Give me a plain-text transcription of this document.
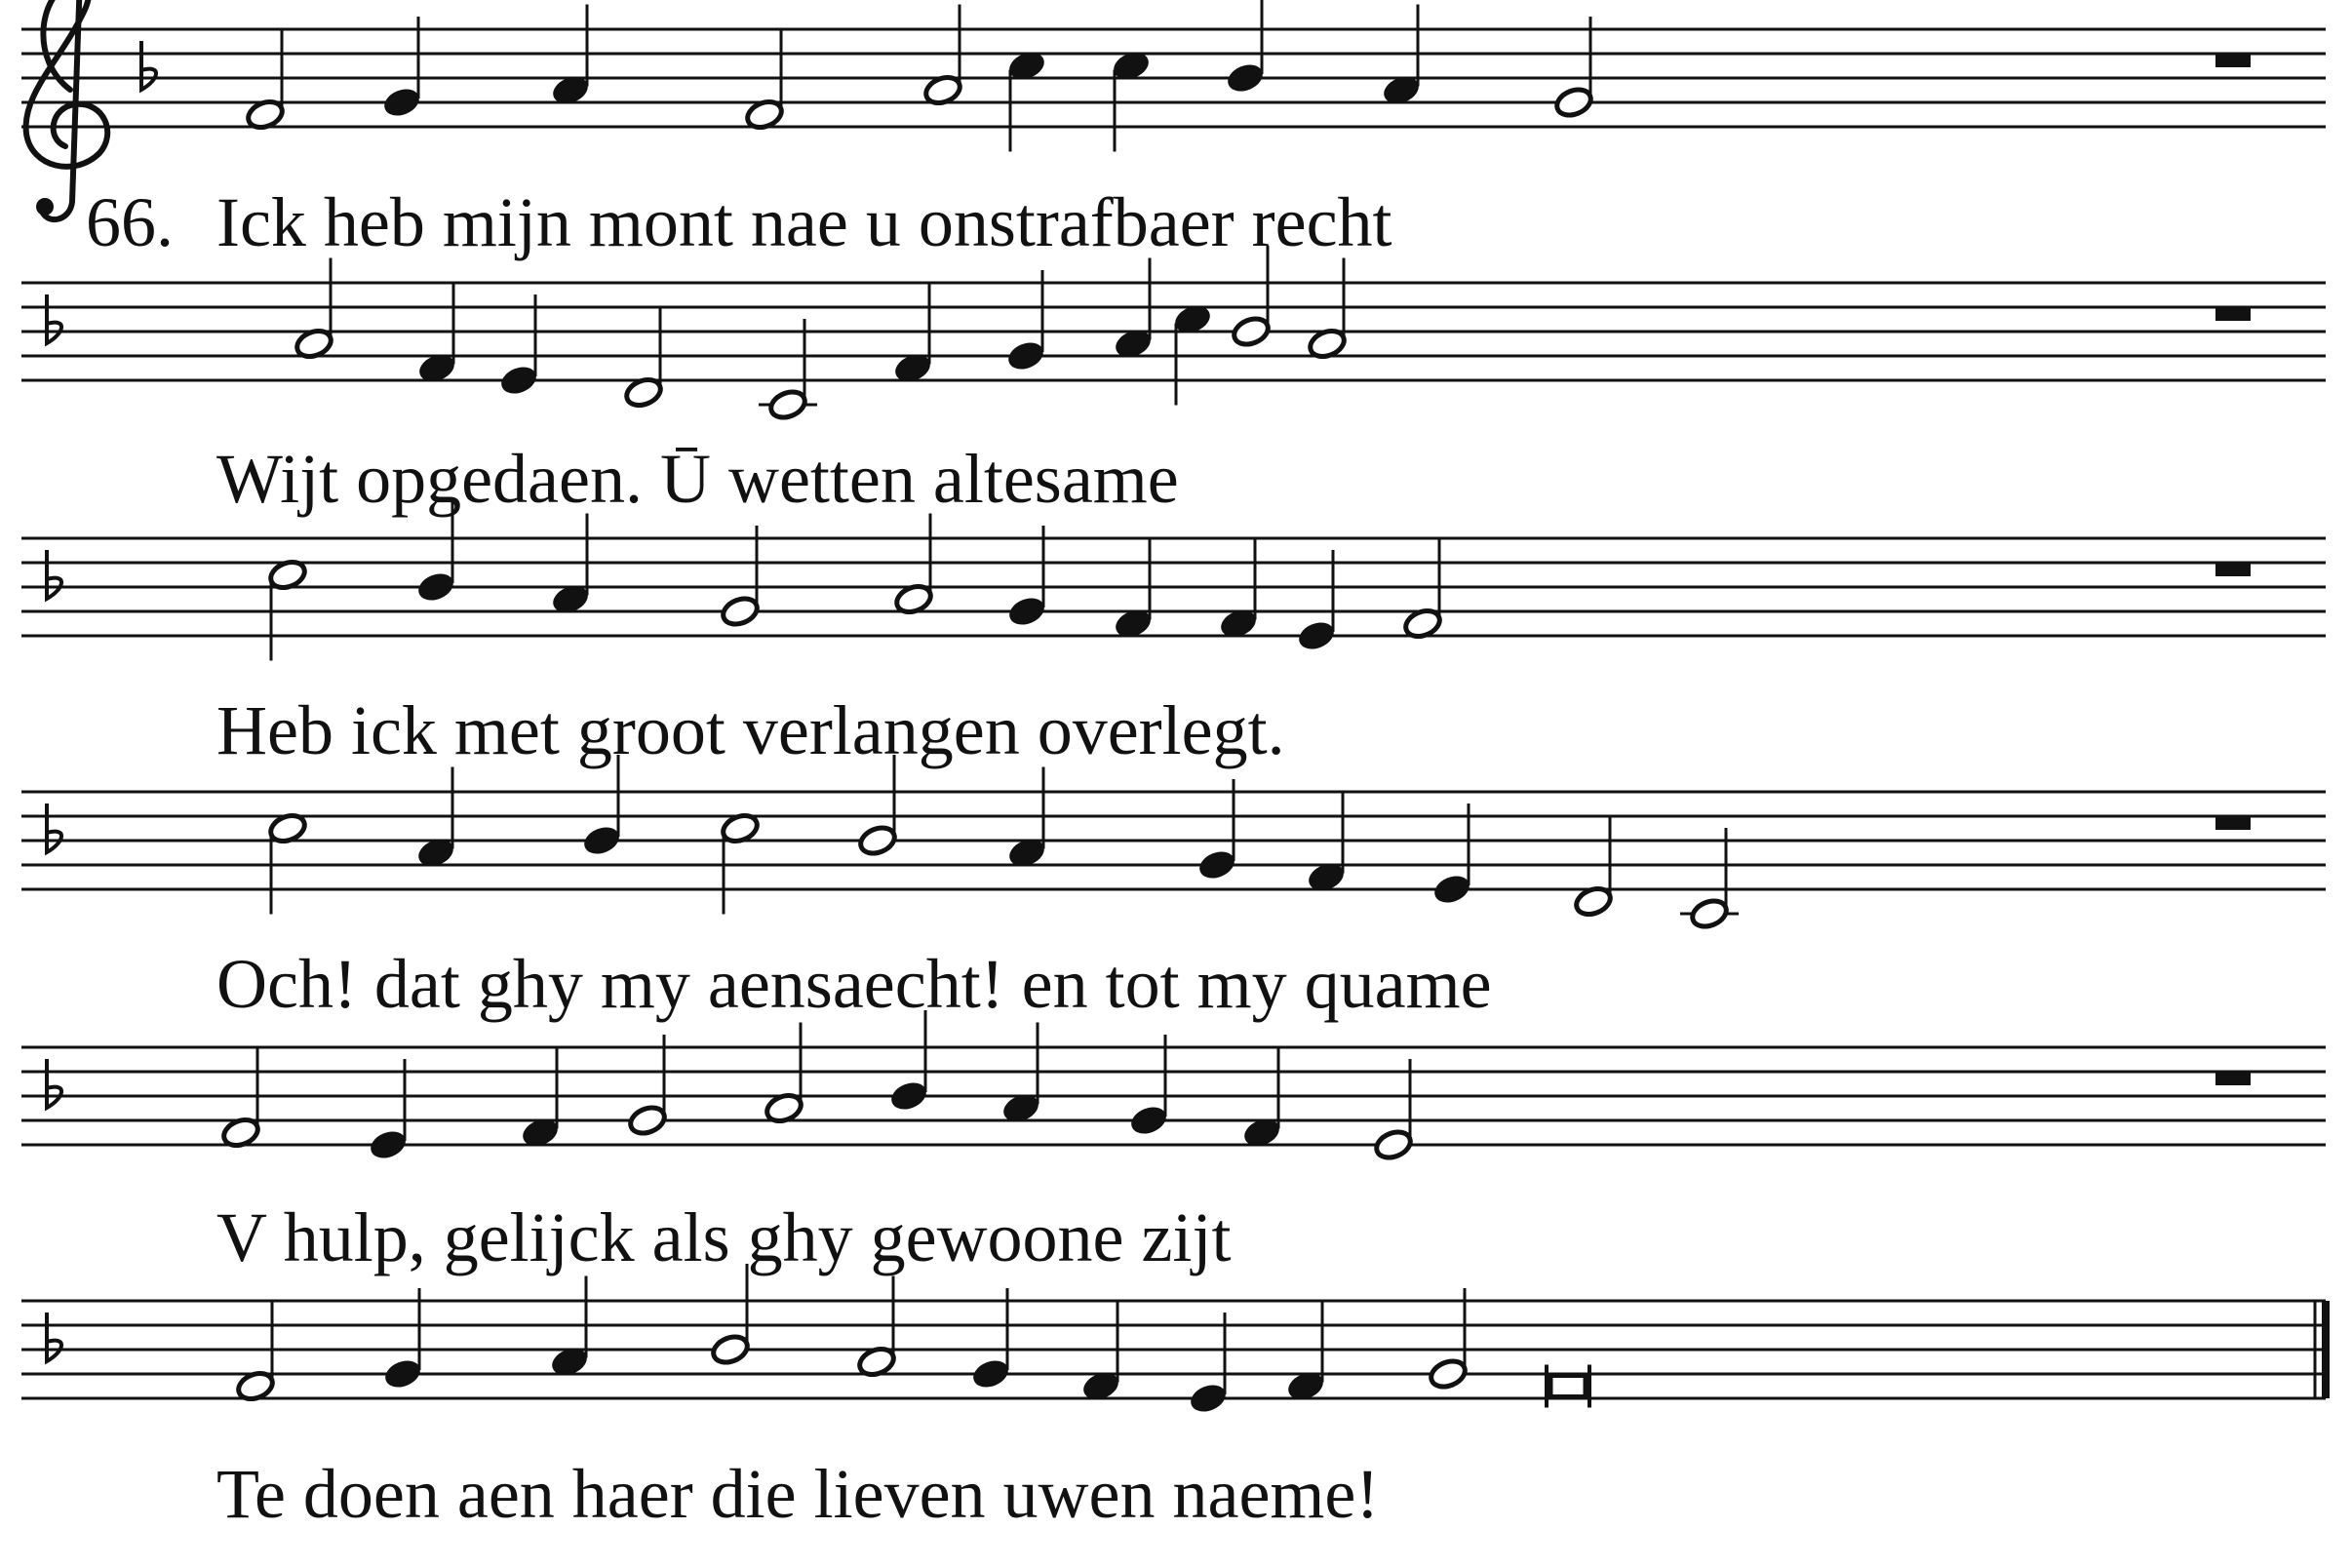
66. Ick heb mijn mont nae u onstrafbaer recht
Wijt opgedaen. Ū wetten altesame
Heb ick met groot verlangen overlegt.
Och! dat ghy my aensaecht! en tot my quame
V hulp, gelijck als ghy gewoone zijt
Te doen aen haer die lieven uwen naeme!
